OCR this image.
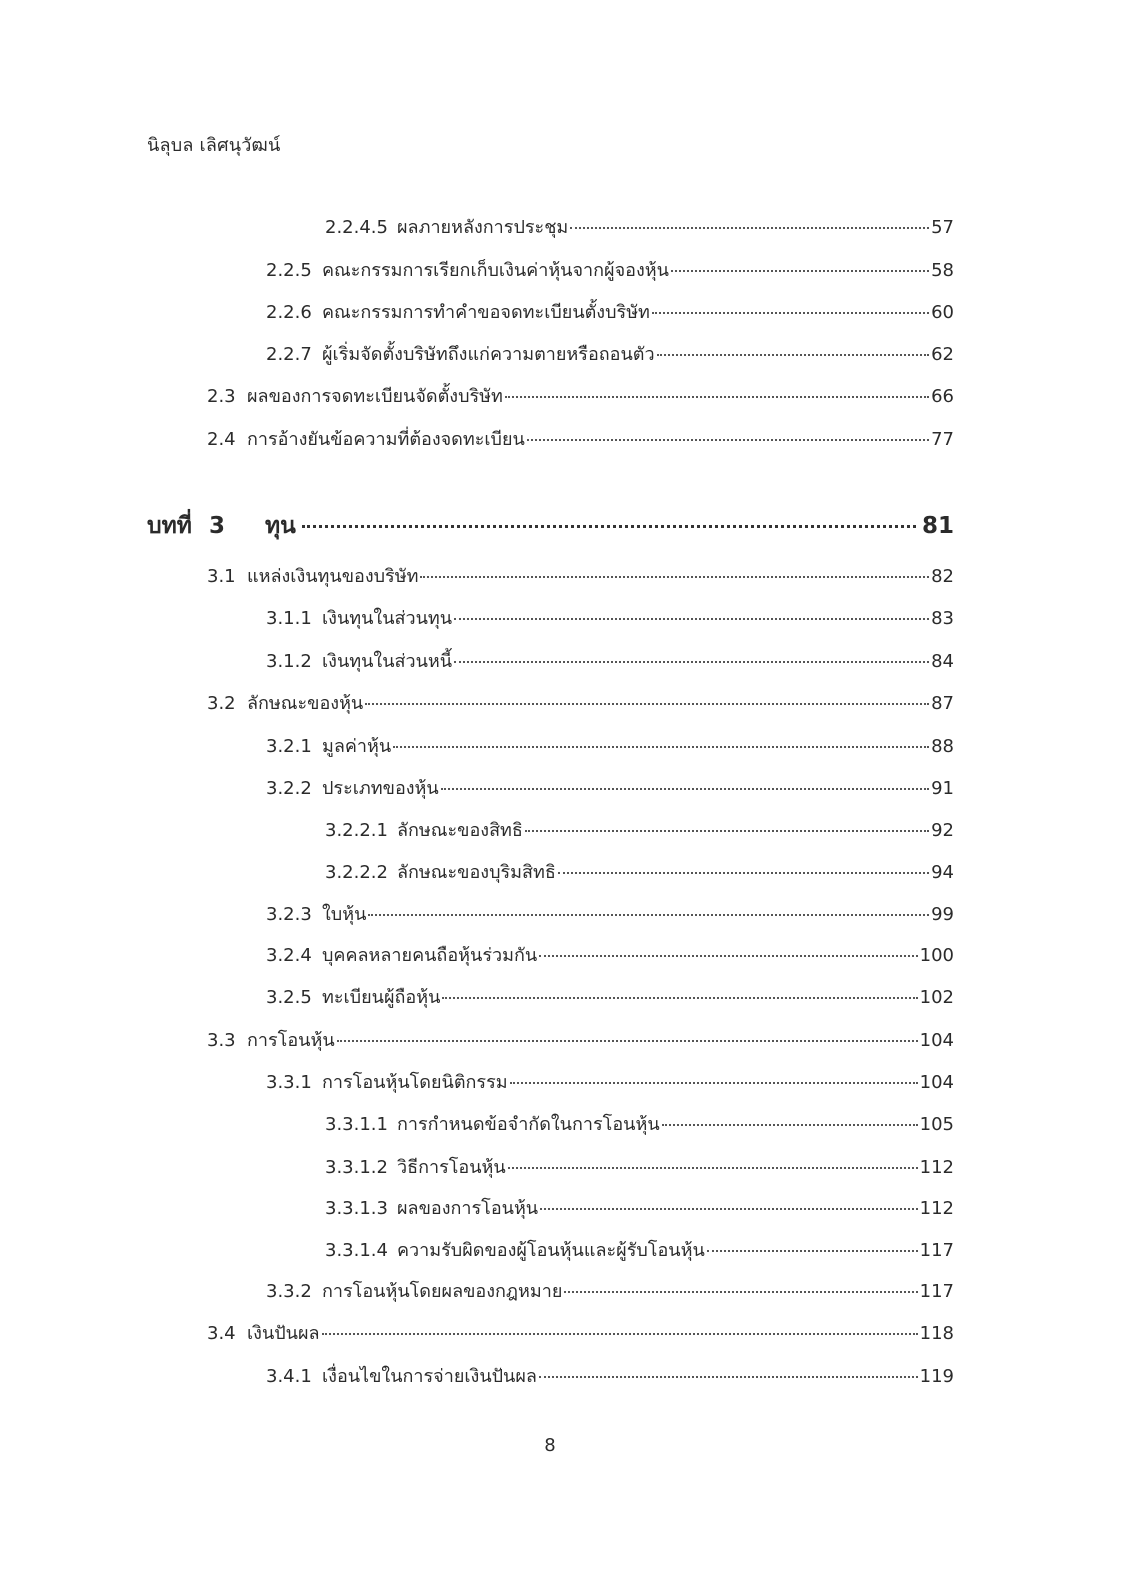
นิลุบล เลิศนุวัฒน์
2.2.4.5 ผลภายหลังการประชุม	57
2.2.5 คณะกรรมการเรียกเก็บเงินค่าหุ้นจากผู้จองหุ้น	58
2.2.6 คณะกรรมการทำคำขอจดทะเบียนตั้งบริษัท	60
2.2.7 ผู้เริ่มจัดตั้งบริษัทถึงแก่ความตายหรือถอนตัว	62
2.3 ผลของการจดทะเบียนจัดตั้งบริษัท	66
2.4 การอ้างยันข้อความที่ต้องจดทะเบียน	77
บทที่ 3	ทุน	81
3.1 แหล่งเงินทุนของบริษัท	82
3.1.1 เงินทุนในส่วนทุน	83
3.1.2 เงินทุนในส่วนหนี้	84
3.2 ลักษณะของหุ้น	87
3.2.1 มูลค่าหุ้น	88
3.2.2 ประเภทของหุ้น	91
3.2.2.1 ลักษณะของสิทธิ	92
3.2.2.2 ลักษณะของบุริมสิทธิ	94
3.2.3 ใบหุ้น	99
3.2.4 บุคคลหลายคนถือหุ้นร่วมกัน	100
3.2.5 ทะเบียนผู้ถือหุ้น	102
3.3 การโอนหุ้น	104
3.3.1 การโอนหุ้นโดยนิติกรรม	104
3.3.1.1 การกำหนดข้อจำกัดในการโอนหุ้น	105
3.3.1.2 วิธีการโอนหุ้น	112
3.3.1.3 ผลของการโอนหุ้น	112
3.3.1.4 ความรับผิดของผู้โอนหุ้นและผู้รับโอนหุ้น	117
3.3.2 การโอนหุ้นโดยผลของกฎหมาย	117
3.4 เงินปันผล	118
3.4.1 เงื่อนไขในการจ่ายเงินปันผล	119
8
